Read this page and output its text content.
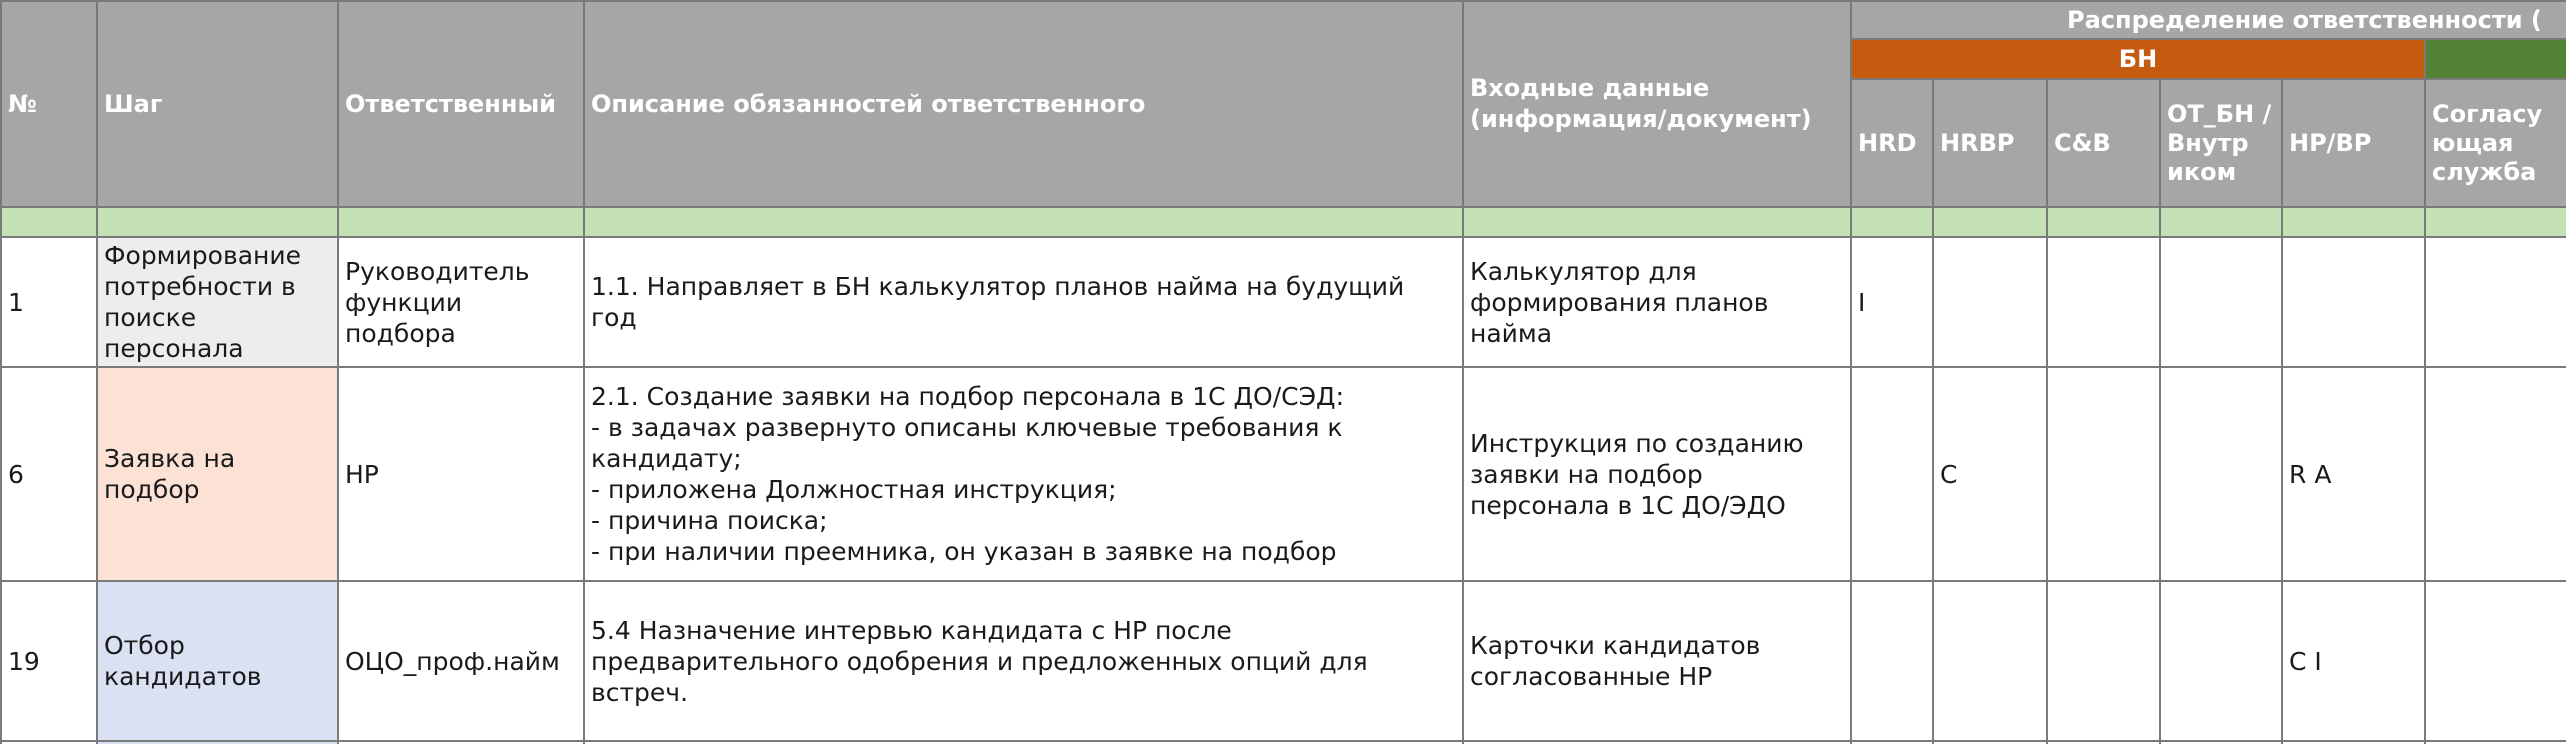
№	Шаг	Ответственный	Описание обязанностей ответственного	Входные данные (информация/документ)	Распределение ответственности (					
					БН					
					HRD	HRBP	C&B	ОТ_БН /Внутр иком	HP/BP	Согласу ющая служба

1	Формирование потребности в поиске персонала	Руководитель функции подбора	1.1. Направляет в БН калькулятор планов найма на будущий год	Калькулятор для формирования планов найма	I					
6	Заявка на подбор	HP	2.1. Создание заявки на подбор персонала в 1С ДО/СЭД:
- в задачах развернуто описаны ключевые требования к кандидату;
- приложена Должностная инструкция;
- причина поиска;
- при наличии преемника, он указан в заявке на подбор	Инструкция по созданию заявки на подбор персонала в 1С ДО/ЭДО		C			R A	
19	Отбор кандидатов	ОЦО_проф.найм	5.4 Назначение интервью кандидата с HP после предварительного одобрения и предложенных опций для встреч.	Карточки кандидатов согласованные HP					C I	
